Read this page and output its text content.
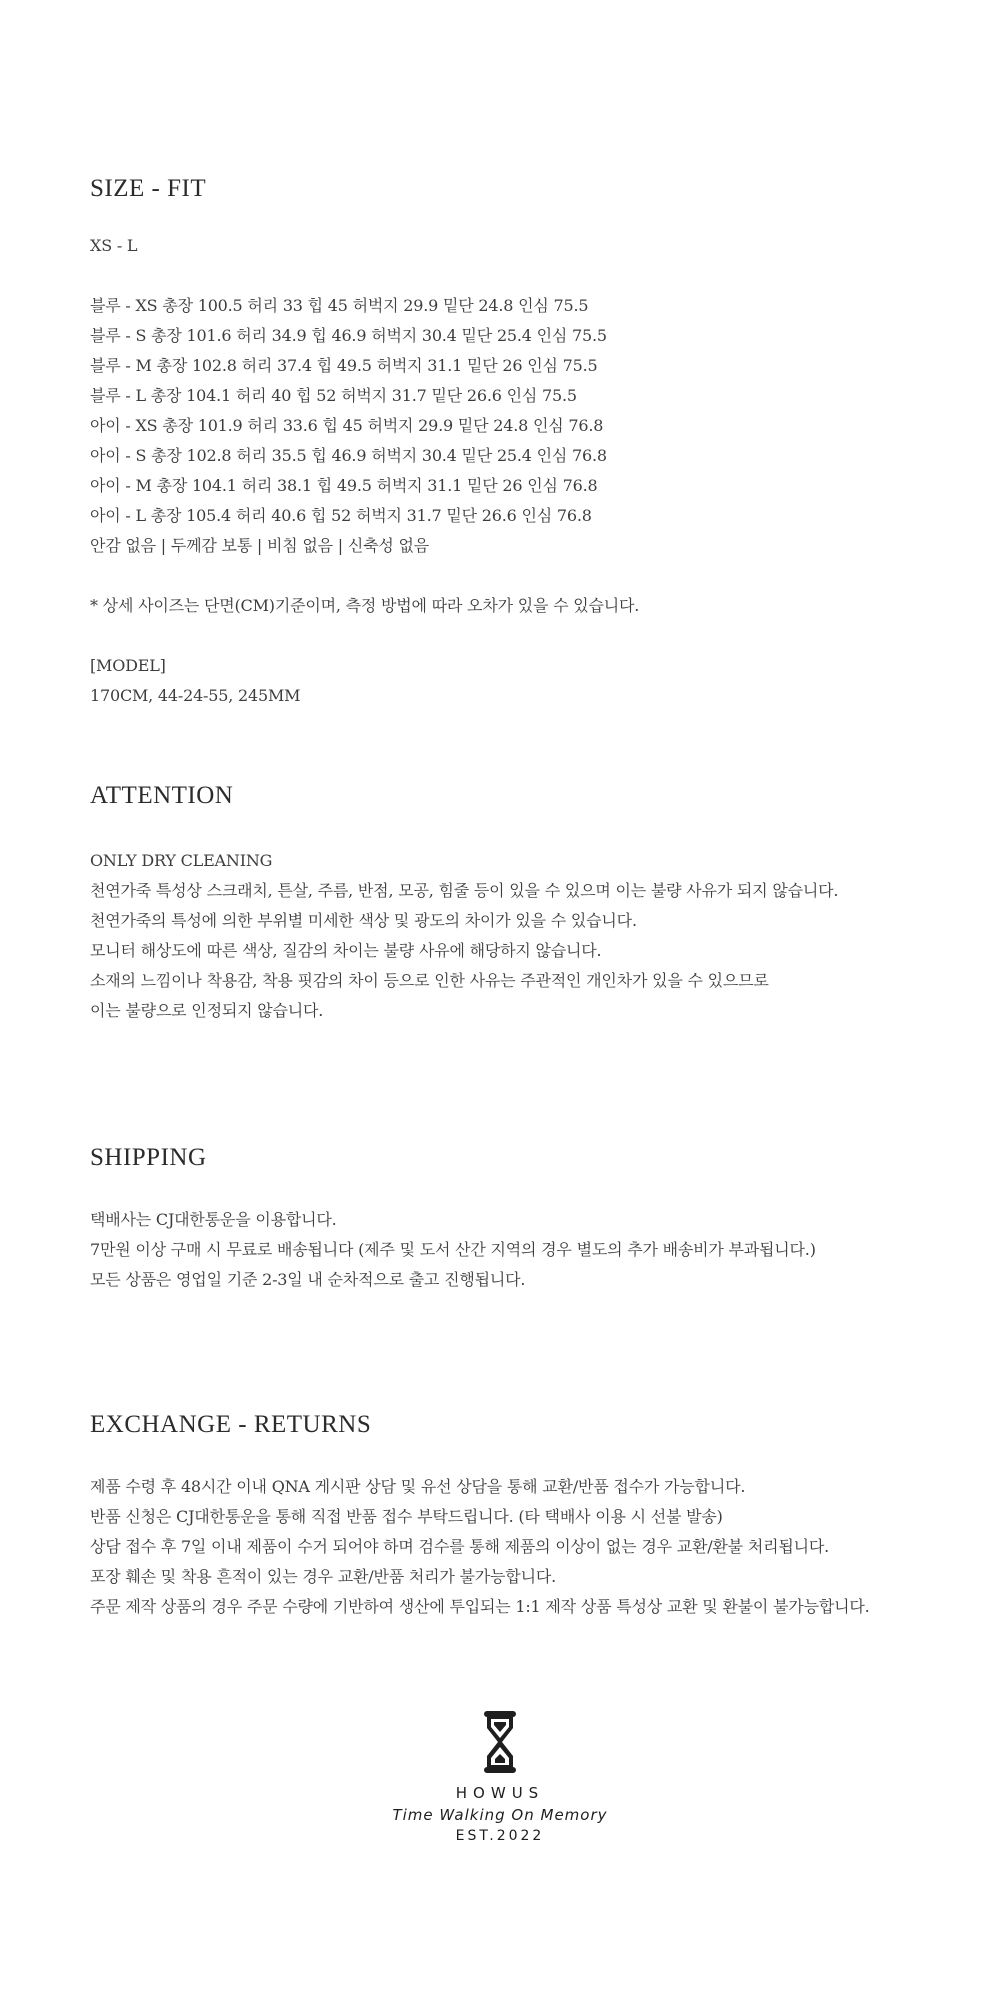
SIZE - FIT
XS - L
블루 - XS 총장 100.5 허리 33 힙 45 허벅지 29.9 밑단 24.8 인심 75.5
블루 - S 총장 101.6 허리 34.9 힙 46.9 허벅지 30.4 밑단 25.4 인심 75.5
블루 - M 총장 102.8 허리 37.4 힙 49.5 허벅지 31.1 밑단 26 인심 75.5
블루 - L 총장 104.1 허리 40 힙 52 허벅지 31.7 밑단 26.6 인심 75.5
아이 - XS 총장 101.9 허리 33.6 힙 45 허벅지 29.9 밑단 24.8 인심 76.8
아이 - S 총장 102.8 허리 35.5 힙 46.9 허벅지 30.4 밑단 25.4 인심 76.8
아이 - M 총장 104.1 허리 38.1 힙 49.5 허벅지 31.1 밑단 26 인심 76.8
아이 - L 총장 105.4 허리 40.6 힙 52 허벅지 31.7 밑단 26.6 인심 76.8
안감 없음 | 두께감 보통 | 비침 없음 | 신축성 없음
* 상세 사이즈는 단면(CM)기준이며, 측정 방법에 따라 오차가 있을 수 있습니다.
[MODEL]
170CM, 44-24-55, 245MM
ATTENTION
ONLY DRY CLEANING
천연가죽 특성상 스크래치, 튼살, 주름, 반점, 모공, 힘줄 등이 있을 수 있으며 이는 불량 사유가 되지 않습니다.
천연가죽의 특성에 의한 부위별 미세한 색상 및 광도의 차이가 있을 수 있습니다.
모니터 해상도에 따른 색상, 질감의 차이는 불량 사유에 해당하지 않습니다.
소재의 느낌이나 착용감, 착용 핏감의 차이 등으로 인한 사유는 주관적인 개인차가 있을 수 있으므로
이는 불량으로 인정되지 않습니다.
SHIPPING
택배사는 CJ대한통운을 이용합니다.
7만원 이상 구매 시 무료로 배송됩니다 (제주 및 도서 산간 지역의 경우 별도의 추가 배송비가 부과됩니다.)
모든 상품은 영업일 기준 2-3일 내 순차적으로 출고 진행됩니다.
EXCHANGE - RETURNS
제품 수령 후 48시간 이내 QNA 게시판 상담 및 유선 상담을 통해 교환/반품 접수가 가능합니다.
반품 신청은 CJ대한통운을 통해 직접 반품 접수 부탁드립니다. (타 택배사 이용 시 선불 발송)
상담 접수 후 7일 이내 제품이 수거 되어야 하며 검수를 통해 제품의 이상이 없는 경우 교환/환불 처리됩니다.
포장 훼손 및 착용 흔적이 있는 경우 교환/반품 처리가 불가능합니다.
주문 제작 상품의 경우 주문 수량에 기반하여 생산에 투입되는 1:1 제작 상품 특성상 교환 및 환불이 불가능합니다.
HOWUS
Time Walking On Memory
EST.2022
